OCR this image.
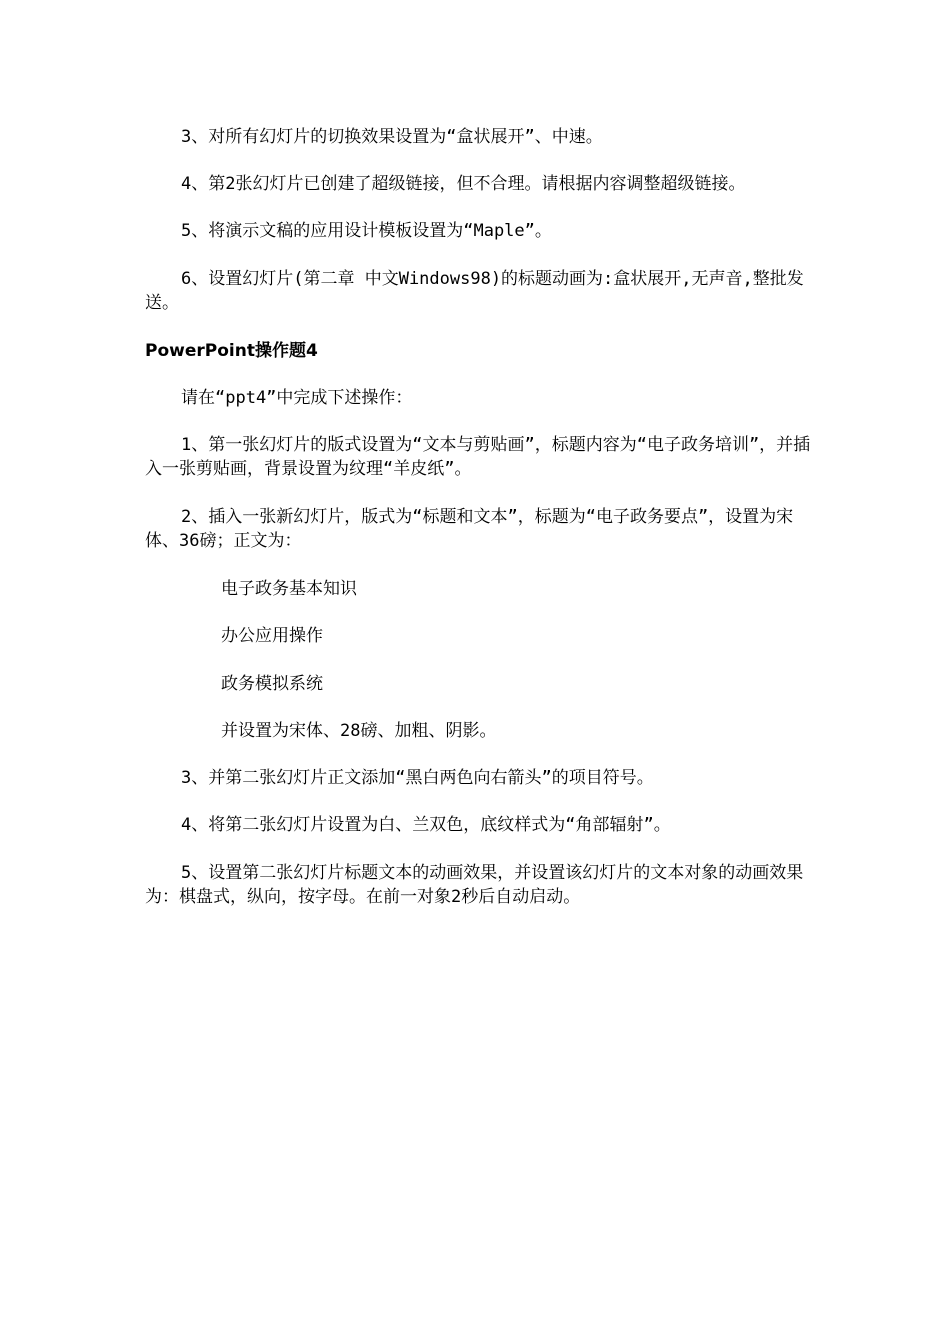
3、对所有幻灯片的切换效果设置为“盒状展开”、中速。
4、第2张幻灯片已创建了超级链接，但不合理。请根据内容调整超级链接。
5、将演示文稿的应用设计模板设置为“Maple”。
6、设置幻灯片(第二章 中文Windows98)的标题动画为:盒状展开,无声音,整批发送。
PowerPoint操作题4
请在“ppt4”中完成下述操作：
1、第一张幻灯片的版式设置为“文本与剪贴画”，标题内容为“电子政务培训”，并插入一张剪贴画，背景设置为纹理“羊皮纸”。
2、插入一张新幻灯片，版式为“标题和文本”，标题为“电子政务要点”，设置为宋体、36磅；正文为：
电子政务基本知识
办公应用操作
政务模拟系统
并设置为宋体、28磅、加粗、阴影。
3、并第二张幻灯片正文添加“黑白两色向右箭头”的项目符号。
4、将第二张幻灯片设置为白、兰双色，底纹样式为“角部辐射”。
5、设置第二张幻灯片标题文本的动画效果，并设置该幻灯片的文本对象的动画效果为：棋盘式，纵向，按字母。在前一对象2秒后自动启动。
